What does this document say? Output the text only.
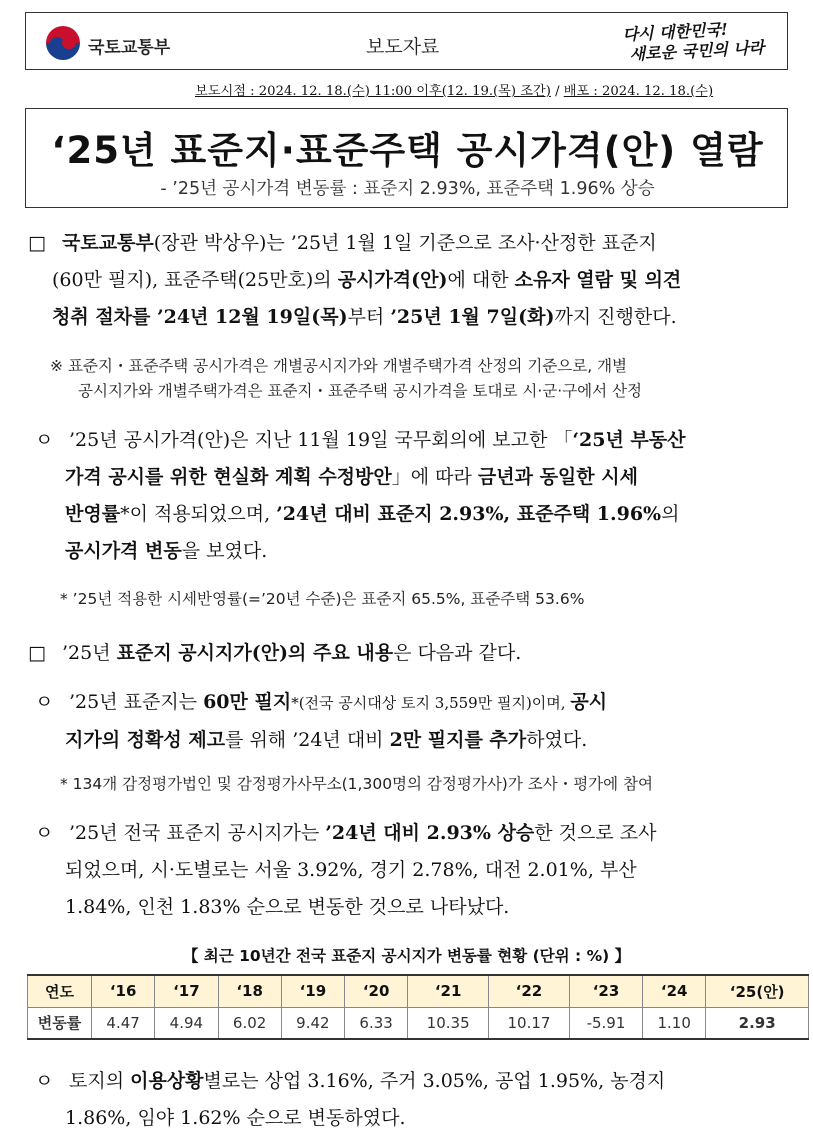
국토교통부	보도자료
다시 대한민국!
새로운 국민의 나라
보도시점 : 2024. 12. 18.(수) 11:00 이후(12. 19.(목) 조간) / 배포 : 2024. 12. 18.(수)
‘25년 표준지·표준주택 공시가격(안) 열람
- ’25년 공시가격 변동률 : 표준지 2.93%, 표준주택 1.96% 상승
□ 국토교통부(장관 박상우)는 ’25년 1월 1일 기준으로 조사·산정한 표준지
(60만 필지), 표준주택(25만호)의 공시가격(안)에 대한 소유자 열람 및 의견
청취 절차를 ’24년 12월 19일(목)부터 ’25년 1월 7일(화)까지 진행한다.
※ 표준지・표준주택 공시가격은 개별공시지가와 개별주택가격 산정의 기준으로, 개별
공시지가와 개별주택가격은 표준지・표준주택 공시가격을 토대로 시·군·구에서 산정
ㅇ ’25년 공시가격(안)은 지난 11월 19일 국무회의에 보고한 「‘25년 부동산
가격 공시를 위한 현실화 계획 수정방안」에 따라 금년과 동일한 시세
반영률*이 적용되었으며, ’24년 대비 표준지 2.93%, 표준주택 1.96%의
공시가격 변동을 보였다.
* ’25년 적용한 시세반영률(=’20년 수준)은 표준지 65.5%, 표준주택 53.6%
□ ’25년 표준지 공시지가(안)의 주요 내용은 다음과 같다.
ㅇ ’25년 표준지는 60만 필지*(전국 공시대상 토지 3,559만 필지)이며, 공시
지가의 정확성 제고를 위해 ’24년 대비 2만 필지를 추가하였다.
* 134개 감정평가법인 및 감정평가사무소(1,300명의 감정평가사)가 조사・평가에 참여
ㅇ ’25년 전국 표준지 공시지가는 ’24년 대비 2.93% 상승한 것으로 조사
되었으며, 시·도별로는 서울 3.92%, 경기 2.78%, 대전 2.01%, 부산
1.84%, 인천 1.83% 순으로 변동한 것으로 나타났다.
【 최근 10년간 전국 표준지 공시지가 변동률 현황 (단위 : %) 】
연도	‘16	‘17	‘18	‘19	‘20	‘21	‘22	‘23	‘24	‘25(안)
변동률	4.47	4.94	6.02	9.42	6.33	10.35	10.17	-5.91	1.10	2.93
ㅇ 토지의 이용상황별로는 상업 3.16%, 주거 3.05%, 공업 1.95%, 농경지
1.86%, 임야 1.62% 순으로 변동하였다.
